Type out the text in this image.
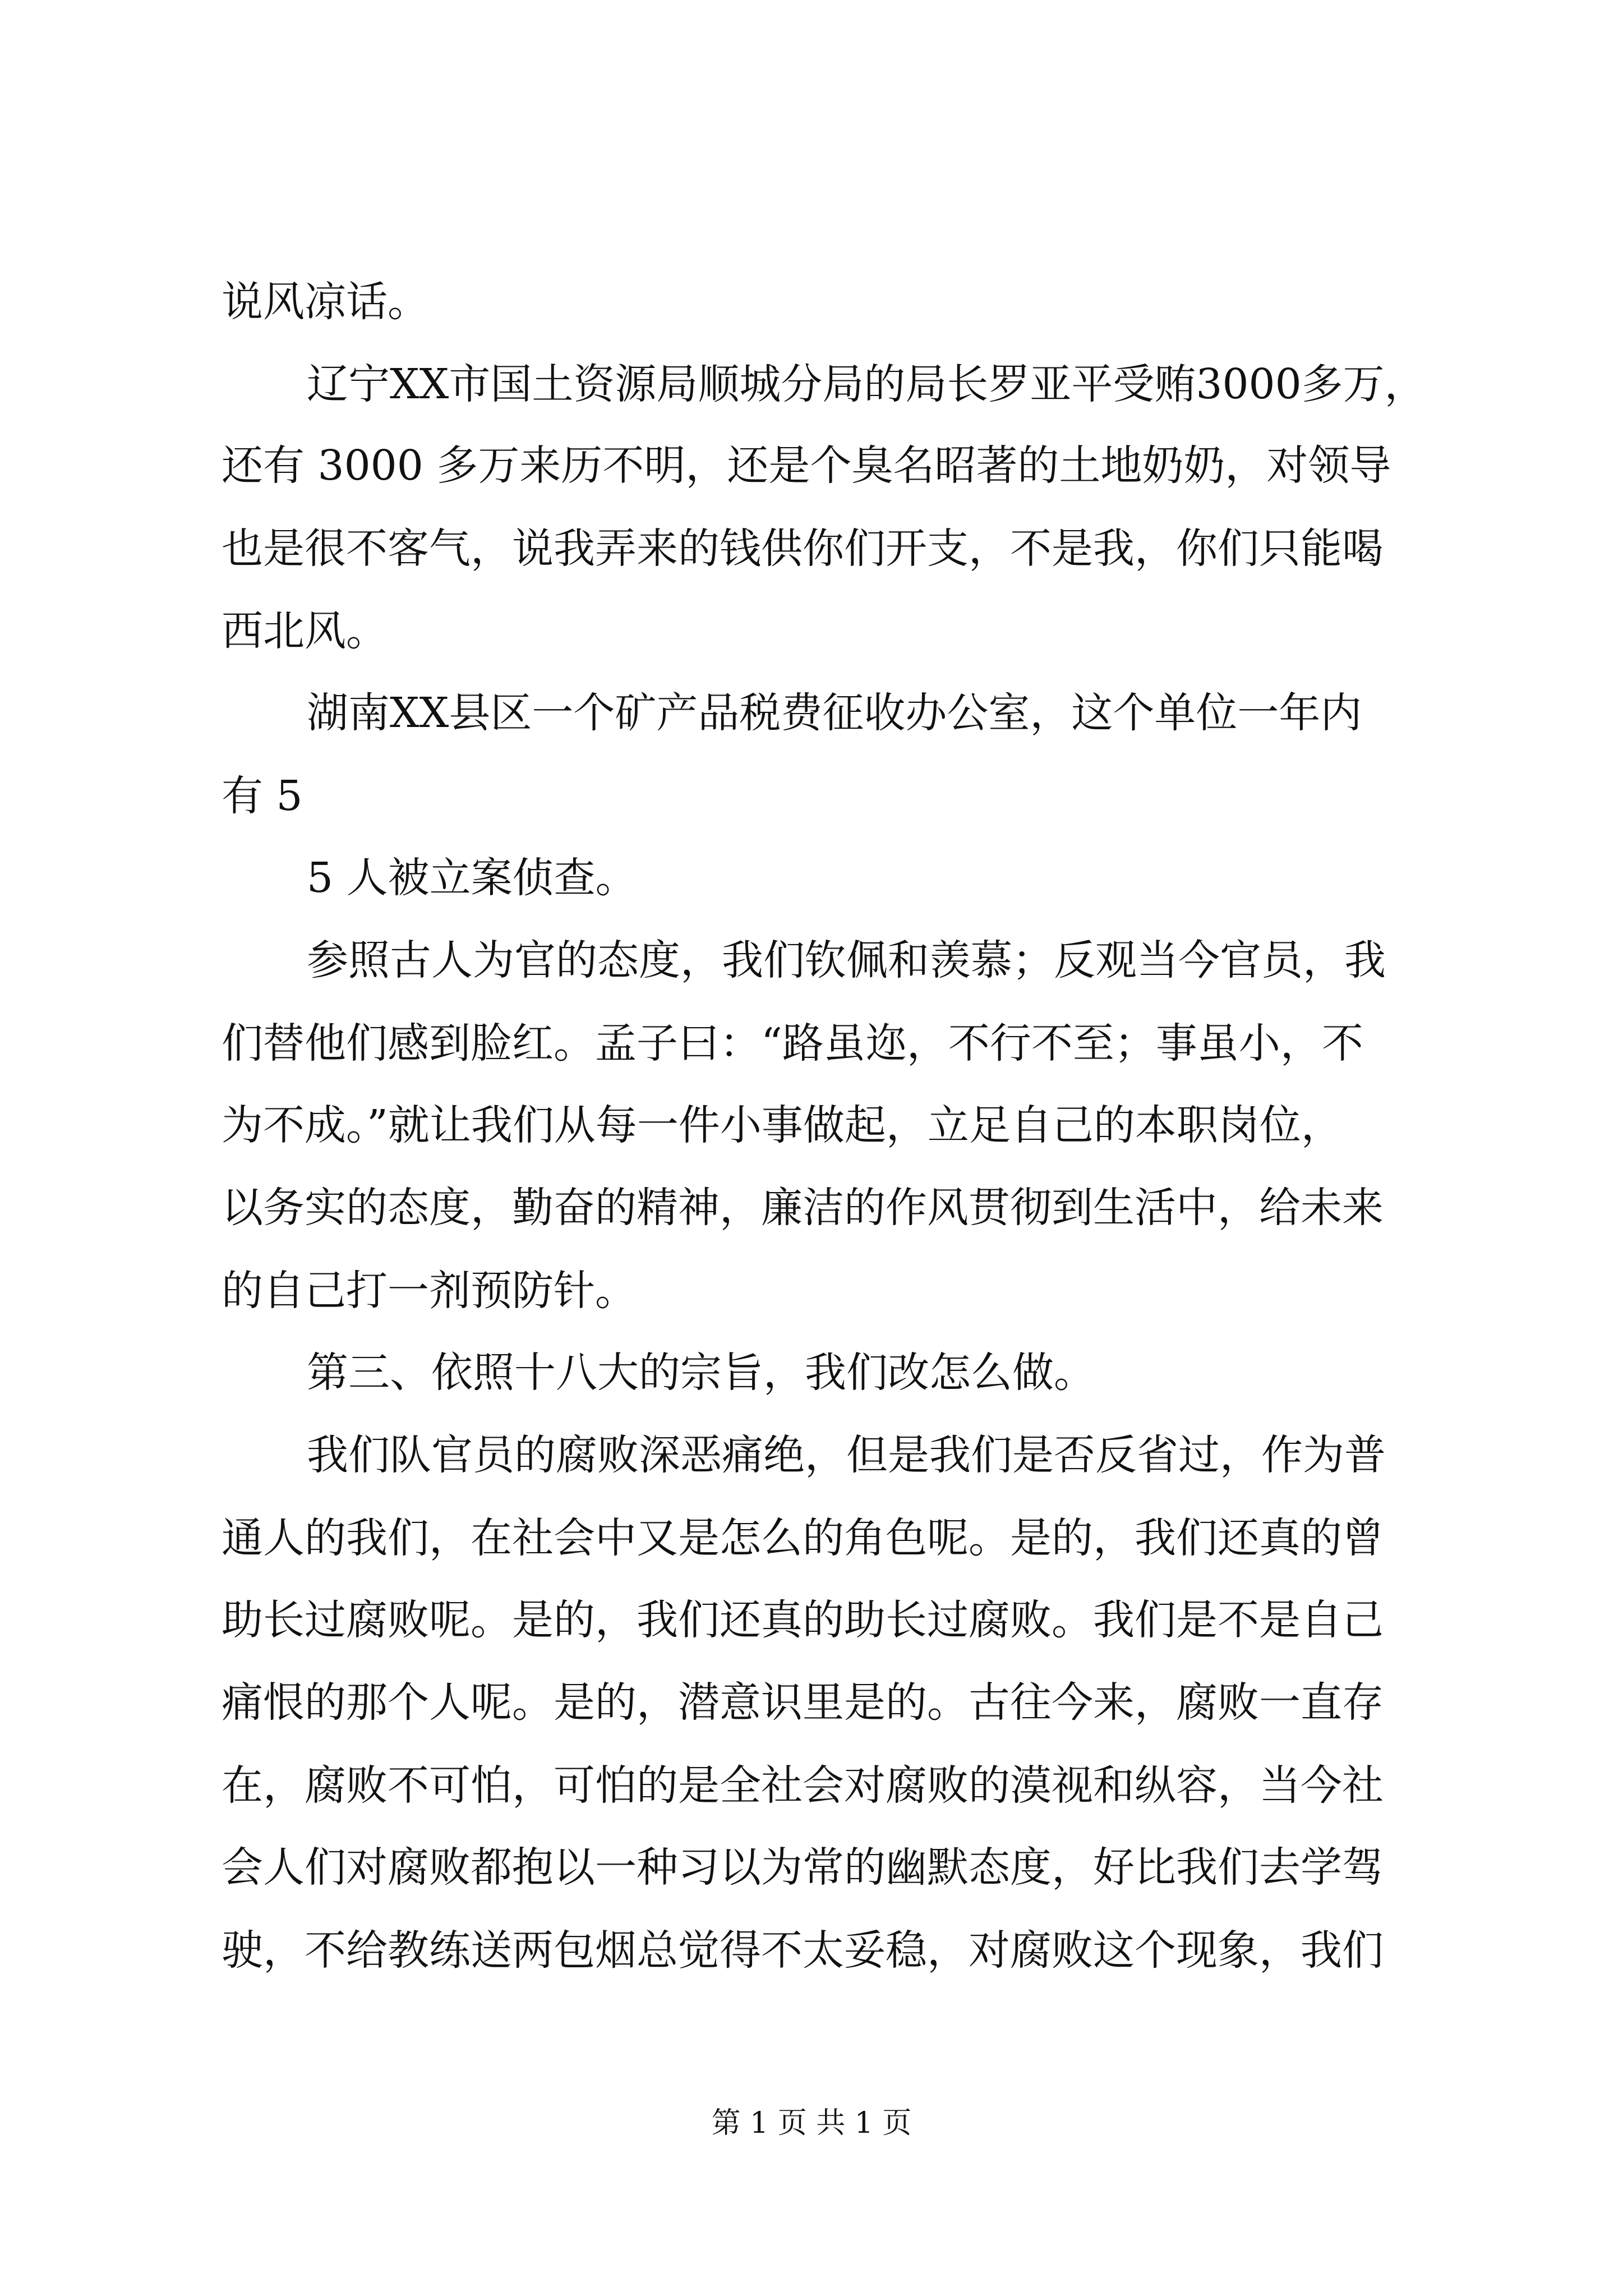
说风凉话。
辽宁XX市国土资源局顺城分局的局长罗亚平受贿3000多万，
还有 3000 多万来历不明，还是个臭名昭著的土地奶奶，对领导
也是很不客气，说我弄来的钱供你们开支，不是我，你们只能喝
西北风。
湖南XX县区一个矿产品税费征收办公室，这个单位一年内
有 5
5 人被立案侦查。
参照古人为官的态度，我们钦佩和羡慕；反观当今官员，我
们替他们感到脸红。孟子曰：“路虽迩，不行不至；事虽小，不
为不成。”就让我们从每一件小事做起，立足自己的本职岗位，
以务实的态度，勤奋的精神，廉洁的作风贯彻到生活中，给未来
的自己打一剂预防针。
第三、依照十八大的宗旨，我们改怎么做。
我们队官员的腐败深恶痛绝，但是我们是否反省过，作为普
通人的我们，在社会中又是怎么的角色呢。是的，我们还真的曾
助长过腐败呢。是的，我们还真的助长过腐败。我们是不是自己
痛恨的那个人呢。是的，潜意识里是的。古往今来，腐败一直存
在，腐败不可怕，可怕的是全社会对腐败的漠视和纵容，当今社
会人们对腐败都抱以一种习以为常的幽默态度，好比我们去学驾
驶，不给教练送两包烟总觉得不太妥稳，对腐败这个现象，我们
第 1 页 共 1 页
